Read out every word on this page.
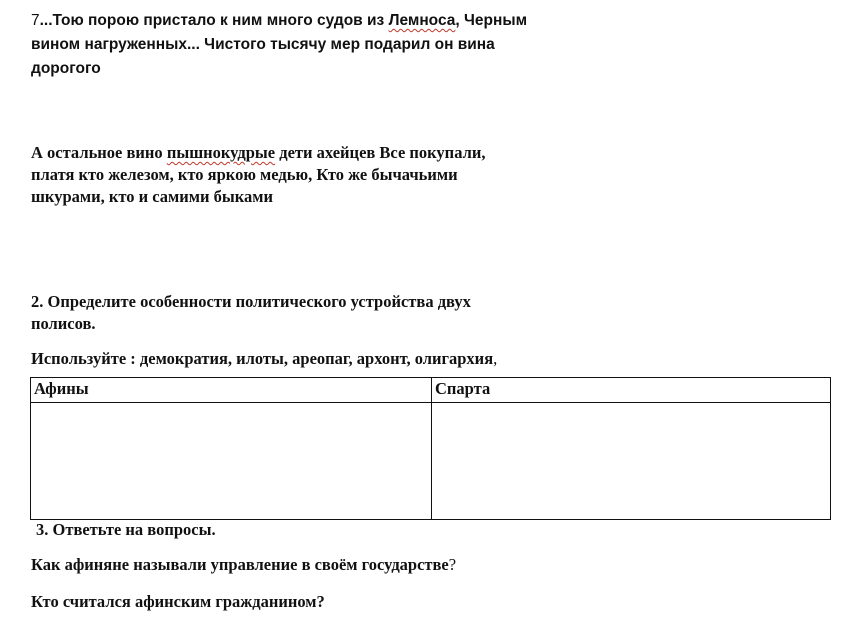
7...Тою порою пристало к ним много судов из Лемноса, Черным
вином нагруженных... Чистого тысячу мер подарил он вина
дорогого
А остальное вино пышнокудрые дети ахейцев Все покупали,
платя кто железом, кто яркою медью, Кто же бычачьими
шкурами, кто и самими быками
2. Определите особенности политического устройства двух
полисов.
Используйте : демократия, илоты, ареопаг, архонт, олигархия,
Афины	Спарта

3. Ответьте на вопросы.
Как афиняне называли управление в своём государстве?
Кто считался афинским гражданином?
